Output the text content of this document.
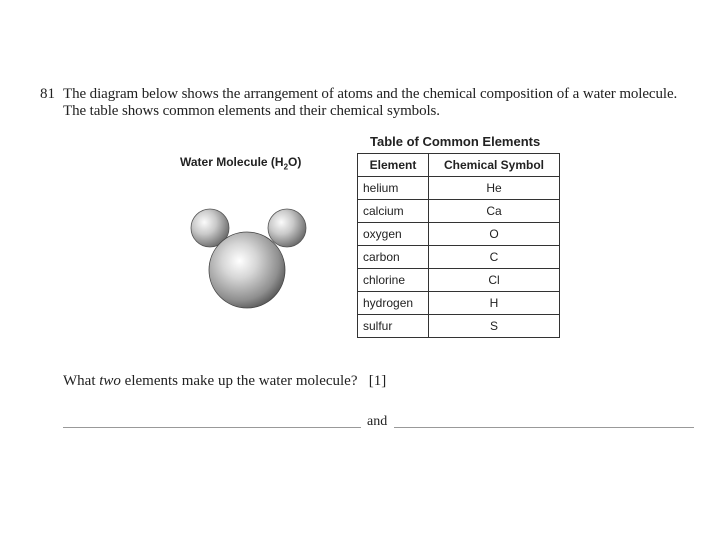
81 The diagram below shows the arrangement of atoms and the chemical composition of a water molecule.
The table shows common elements and their chemical symbols.
Water Molecule $(H_2O)$
Table of Common Elements
Element	Chemical Symbol
helium	He
calcium	Ca
oxygen	O
carbon	C
chlorine	Cl
hydrogen	H
sulfur	S
What two elements make up the water molecule? [1]
and
